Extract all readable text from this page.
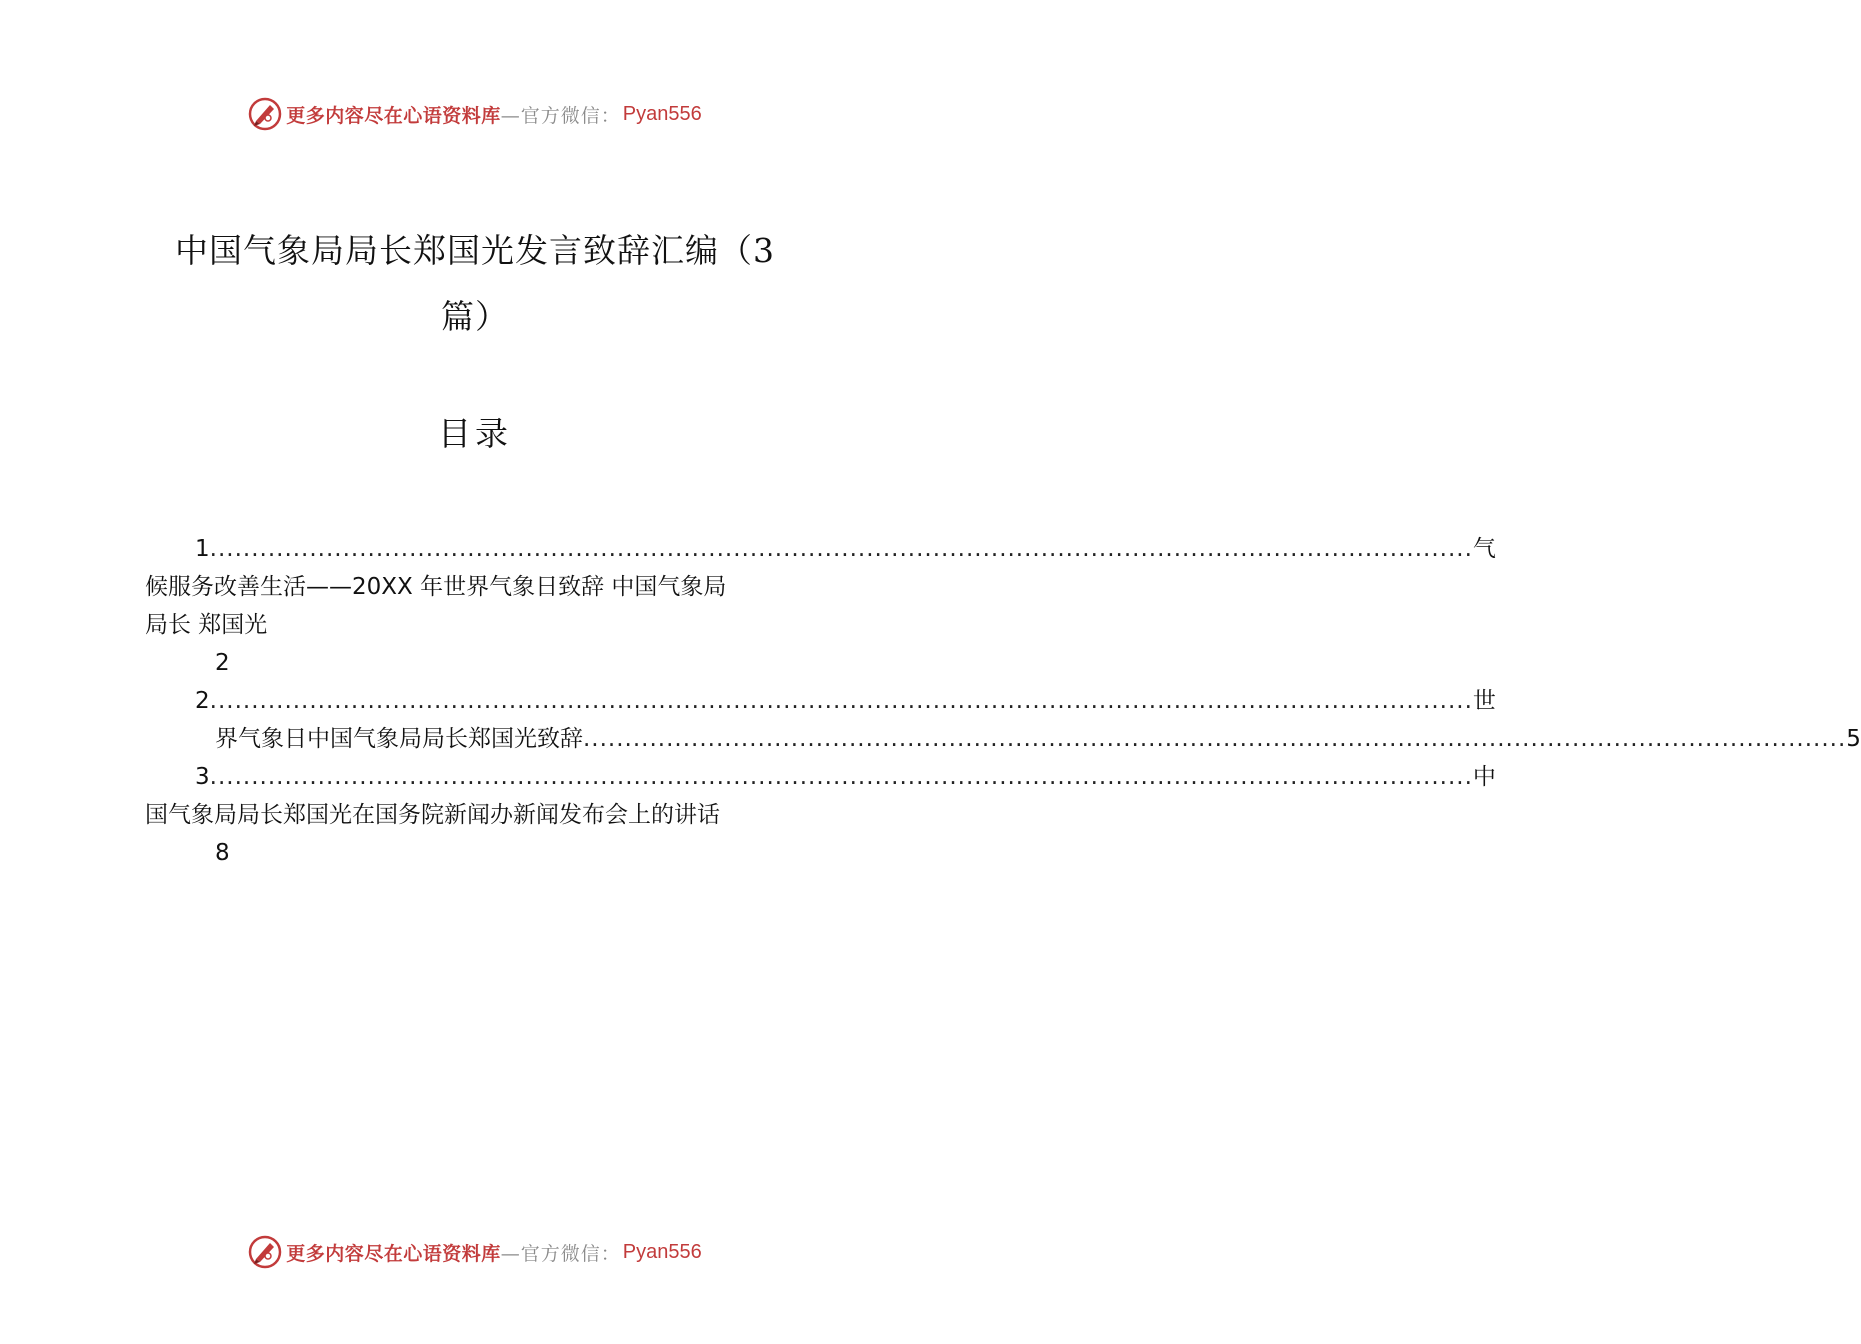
更多内容尽在心语资料库 —官方微信： Pyan556
中国气象局局长郑国光发言致辞汇编（3
篇）
目录
1 ........................................................................................................................................................ 气
候服务改善生活——20XX 年世界气象日致辞 中国气象局
局长 郑国光
2
2 ........................................................................................................................................................ 世
界气象日中国气象局局长郑国光致辞 ........................................................................................................................................................ 5
3 ........................................................................................................................................................ 中
国气象局局长郑国光在国务院新闻办新闻发布会上的讲话
8
更多内容尽在心语资料库 —官方微信： Pyan556
